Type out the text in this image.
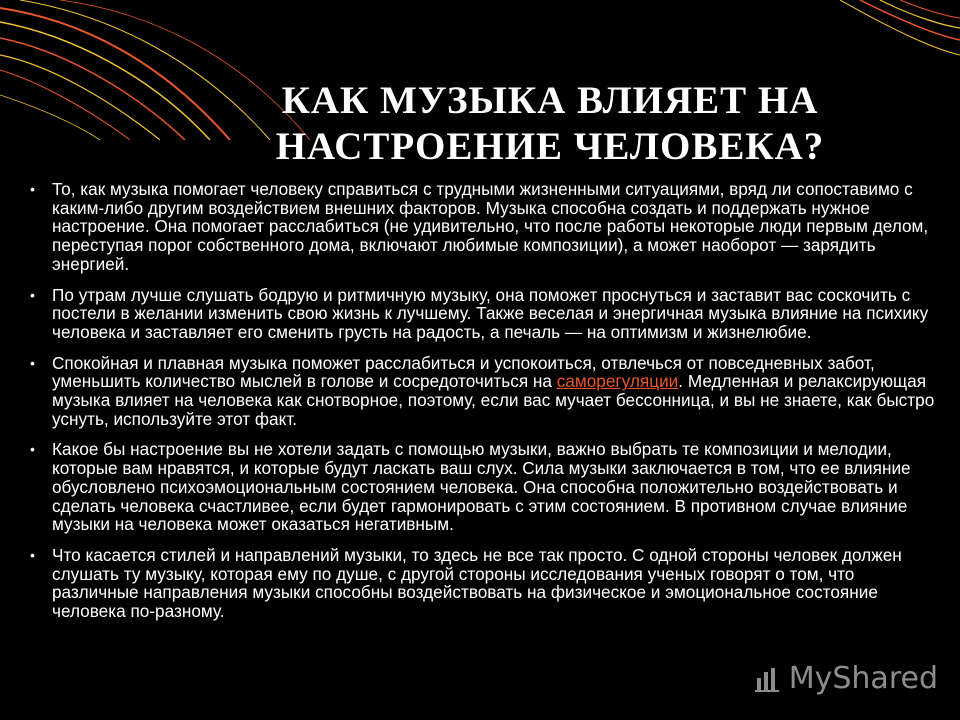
КАК МУЗЫКА ВЛИЯЕТ НА
НАСТРОЕНИЕ ЧЕЛОВЕКА?
• То, как музыка помогает человеку справиться с трудными жизненными ситуациями, вряд ли сопоставимо с каким-либо другим воздействием внешних факторов. Музыка способна создать и поддержать нужное настроение. Она помогает расслабиться (не удивительно, что после работы некоторые люди первым делом, переступая порог собственного дома, включают любимые композиции), а может наоборот — зарядить энергией.
• По утрам лучше слушать бодрую и ритмичную музыку, она поможет проснуться и заставит вас соскочить с постели в желании изменить свою жизнь к лучшему. Также веселая и энергичная музыка влияние на психику человека и заставляет его сменить грусть на радость, а печаль — на оптимизм и жизнелюбие.
• Спокойная и плавная музыка поможет расслабиться и успокоиться, отвлечься от повседневных забот, уменьшить количество мыслей в голове и сосредоточиться на саморегуляции. Медленная и релаксирующая музыка влияет на человека как снотворное, поэтому, если вас мучает бессонница, и вы не знаете, как быстро уснуть, используйте этот факт.
• Какое бы настроение вы не хотели задать с помощью музыки, важно выбрать те композиции и мелодии, которые вам нравятся, и которые будут ласкать ваш слух. Сила музыки заключается в том, что ее влияние обусловлено психоэмоциональным состоянием человека. Она способна положительно воздействовать и сделать человека счастливее, если будет гармонировать с этим состоянием. В противном случае влияние музыки на человека может оказаться негативным.
• Что касается стилей и направлений музыки, то здесь не все так просто. С одной стороны человек должен слушать ту музыку, которая ему по душе, с другой стороны исследования ученых говорят о том, что различные направления музыки способны воздействовать на физическое и эмоциональное состояние человека по-разному.
MyShared
